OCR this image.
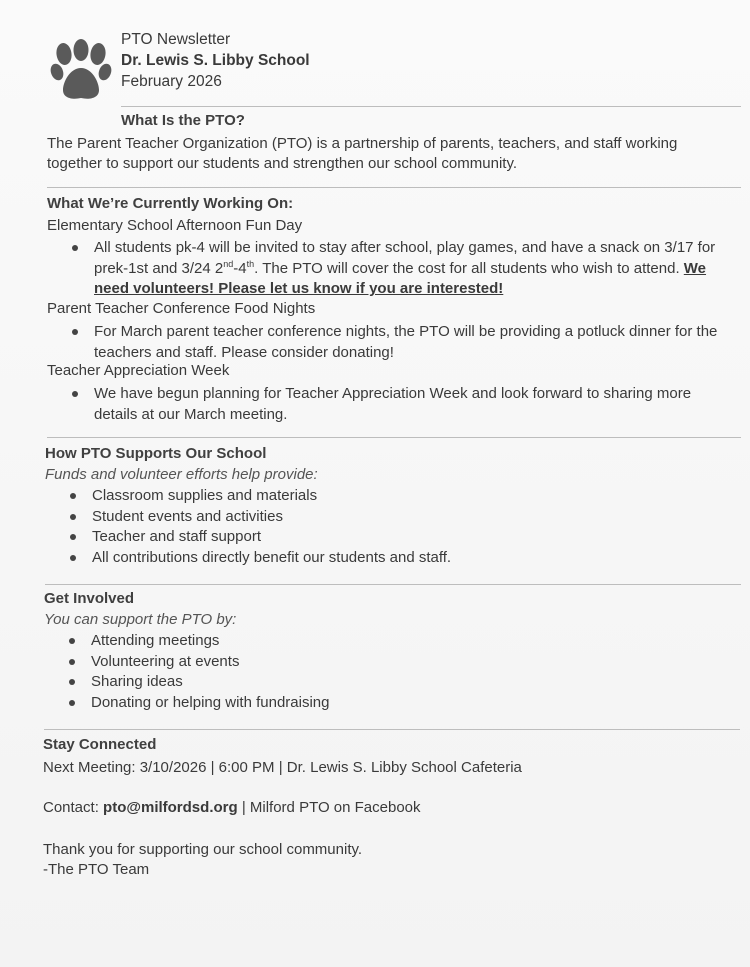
PTO Newsletter
Dr. Lewis S. Libby School
February 2026
What Is the PTO?
The Parent Teacher Organization (PTO) is a partnership of parents, teachers, and staff working together to support our students and strengthen our school community.
What We’re Currently Working On:
Elementary School Afternoon Fun Day
All students pk-4 will be invited to stay after school, play games, and have a snack on 3/17 for prek-1st and 3/24 2nd-4th. The PTO will cover the cost for all students who wish to attend. We need volunteers! Please let us know if you are interested!
Parent Teacher Conference Food Nights
For March parent teacher conference nights, the PTO will be providing a potluck dinner for the teachers and staff. Please consider donating!
Teacher Appreciation Week
We have begun planning for Teacher Appreciation Week and look forward to sharing more details at our March meeting.
How PTO Supports Our School
Funds and volunteer efforts help provide:
Classroom supplies and materials
Student events and activities
Teacher and staff support
All contributions directly benefit our students and staff.
Get Involved
You can support the PTO by:
Attending meetings
Volunteering at events
Sharing ideas
Donating or helping with fundraising
Stay Connected
Next Meeting: 3/10/2026 | 6:00 PM | Dr. Lewis S. Libby School Cafeteria
Contact: pto@milfordsd.org | Milford PTO on Facebook
Thank you for supporting our school community.
-The PTO Team
